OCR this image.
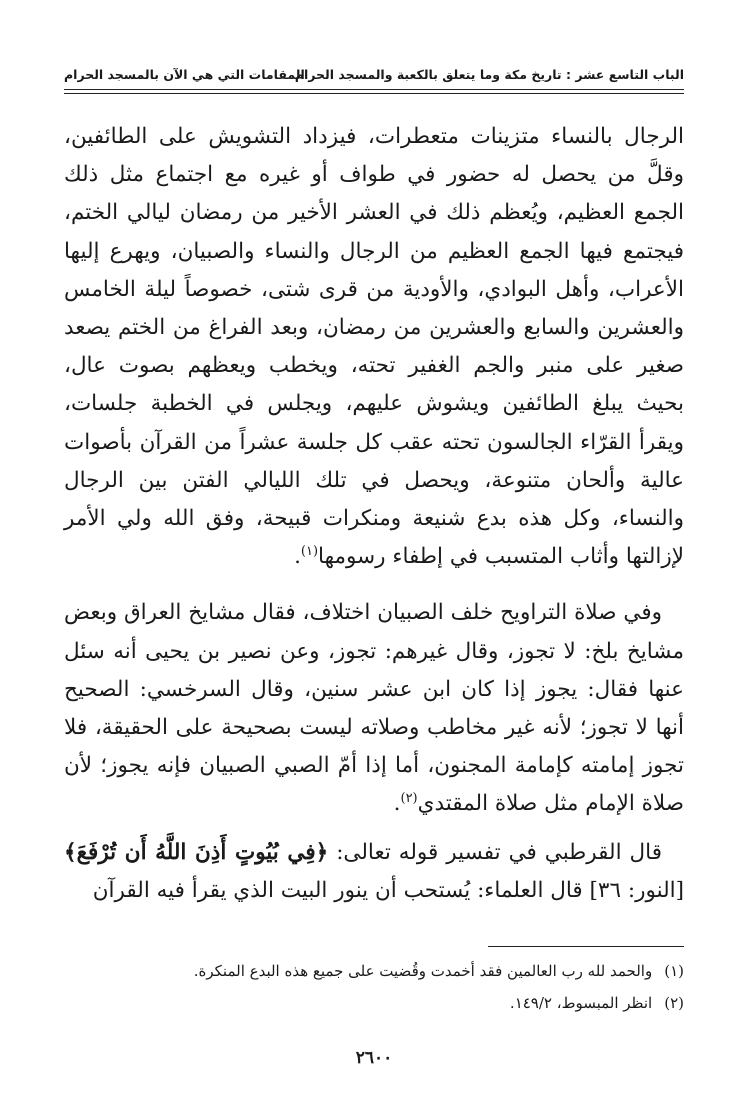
الباب التاسع عشر : تاريخ مكة وما يتعلق بالكعبة والمسجد الحرام
المقامات التي هي الآن بالمسجد الحرام

الرجال بالنساء متزينات متعطرات، فيزداد التشويش على الطائفين، وقلَّ من يحصل له حضور في طواف أو غيره مع اجتماع مثل ذلك الجمع العظيم، ويُعظم ذلك في العشر الأخير من رمضان ليالي الختم، فيجتمع فيها الجمع العظيم من الرجال والنساء والصبيان، ويهرع إليها الأعراب، وأهل البوادي، والأودية من قرى شتى، خصوصاً ليلة الخامس والعشرين والسابع والعشرين من رمضان، وبعد الفراغ من الختم يصعد صغير على منبر والجم الغفير تحته، ويخطب ويعظهم بصوت عال، بحيث يبلغ الطائفين ويشوش عليهم، ويجلس في الخطبة جلسات، ويقرأ القرّاء الجالسون تحته عقب كل جلسة عشراً من القرآن بأصوات عالية وألحان متنوعة، ويحصل في تلك الليالي الفتن بين الرجال والنساء، وكل هذه بدع شنيعة ومنكرات قبيحة، وفق الله ولي الأمر لإزالتها وأثاب المتسبب في إطفاء رسومها$^{(١)}$.

وفي صلاة التراويح خلف الصبيان اختلاف، فقال مشايخ العراق وبعض مشايخ بلخ: لا تجوز، وقال غيرهم: تجوز، وعن نصير بن يحيى أنه سئل عنها فقال: يجوز إذا كان ابن عشر سنين، وقال السرخسي: الصحيح أنها لا تجوز؛ لأنه غير مخاطب وصلاته ليست بصحيحة على الحقيقة، فلا تجوز إمامته كإمامة المجنون، أما إذا أمّ الصبي الصبيان فإنه يجوز؛ لأن صلاة الإمام مثل صلاة المقتدي$^{(٢)}$.

قال القرطبي في تفسير قوله تعالى: ﴿فِي بُيُوتٍ أَذِنَ اللَّهُ أَن تُرْفَعَ﴾ [النور: ٣٦] قال العلماء: يُستحب أن ينور البيت الذي يقرأ فيه القرآن

(١)والحمد لله رب العالمين فقد أخمدت وقُضيت على جميع هذه البدع المنكرة.
(٢)انظر المبسوط، ١٤٩/٢.
٢٦٠٠
